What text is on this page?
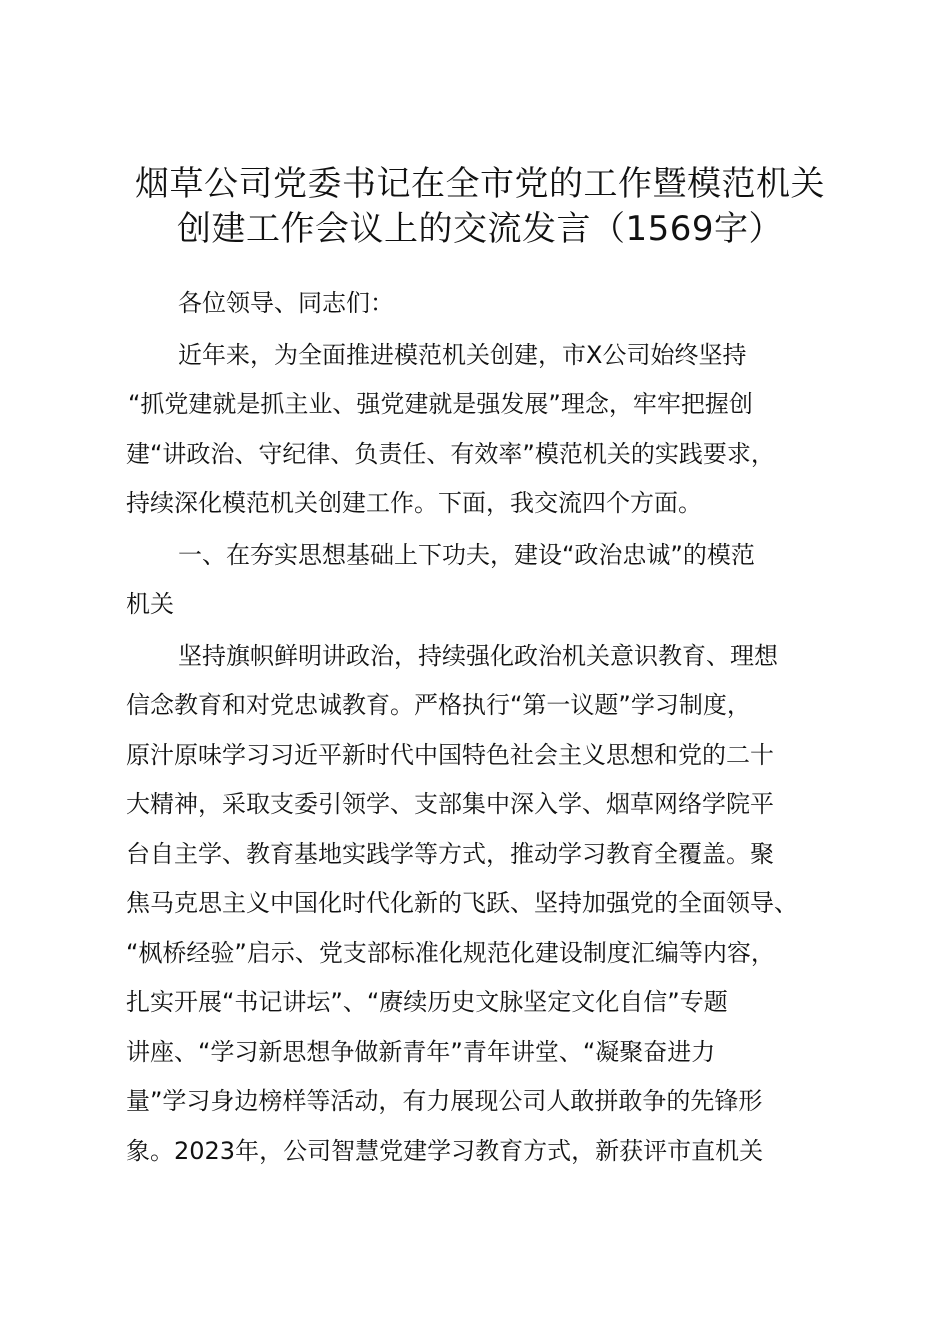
烟草公司党委书记在全市党的工作暨模范机关
创建工作会议上的交流发言（1569字）
各位领导、同志们：
近年来，为全面推进模范机关创建，市X公司始终坚持
“抓党建就是抓主业、强党建就是强发展”理念，牢牢把握创
建“讲政治、守纪律、负责任、有效率”模范机关的实践要求，
持续深化模范机关创建工作。下面，我交流四个方面。
一、在夯实思想基础上下功夫，建设“政治忠诚”的模范
机关
坚持旗帜鲜明讲政治，持续强化政治机关意识教育、理想
信念教育和对党忠诚教育。严格执行“第一议题”学习制度，
原汁原味学习习近平新时代中国特色社会主义思想和党的二十
大精神，采取支委引领学、支部集中深入学、烟草网络学院平
台自主学、教育基地实践学等方式，推动学习教育全覆盖。聚
焦马克思主义中国化时代化新的飞跃、坚持加强党的全面领导、
“枫桥经验”启示、党支部标准化规范化建设制度汇编等内容，
扎实开展“书记讲坛”、“赓续历史文脉坚定文化自信”专题
讲座、“学习新思想争做新青年”青年讲堂、“凝聚奋进力
量”学习身边榜样等活动，有力展现公司人敢拼敢争的先锋形
象。2023年，公司智慧党建学习教育方式，新获评市直机关
